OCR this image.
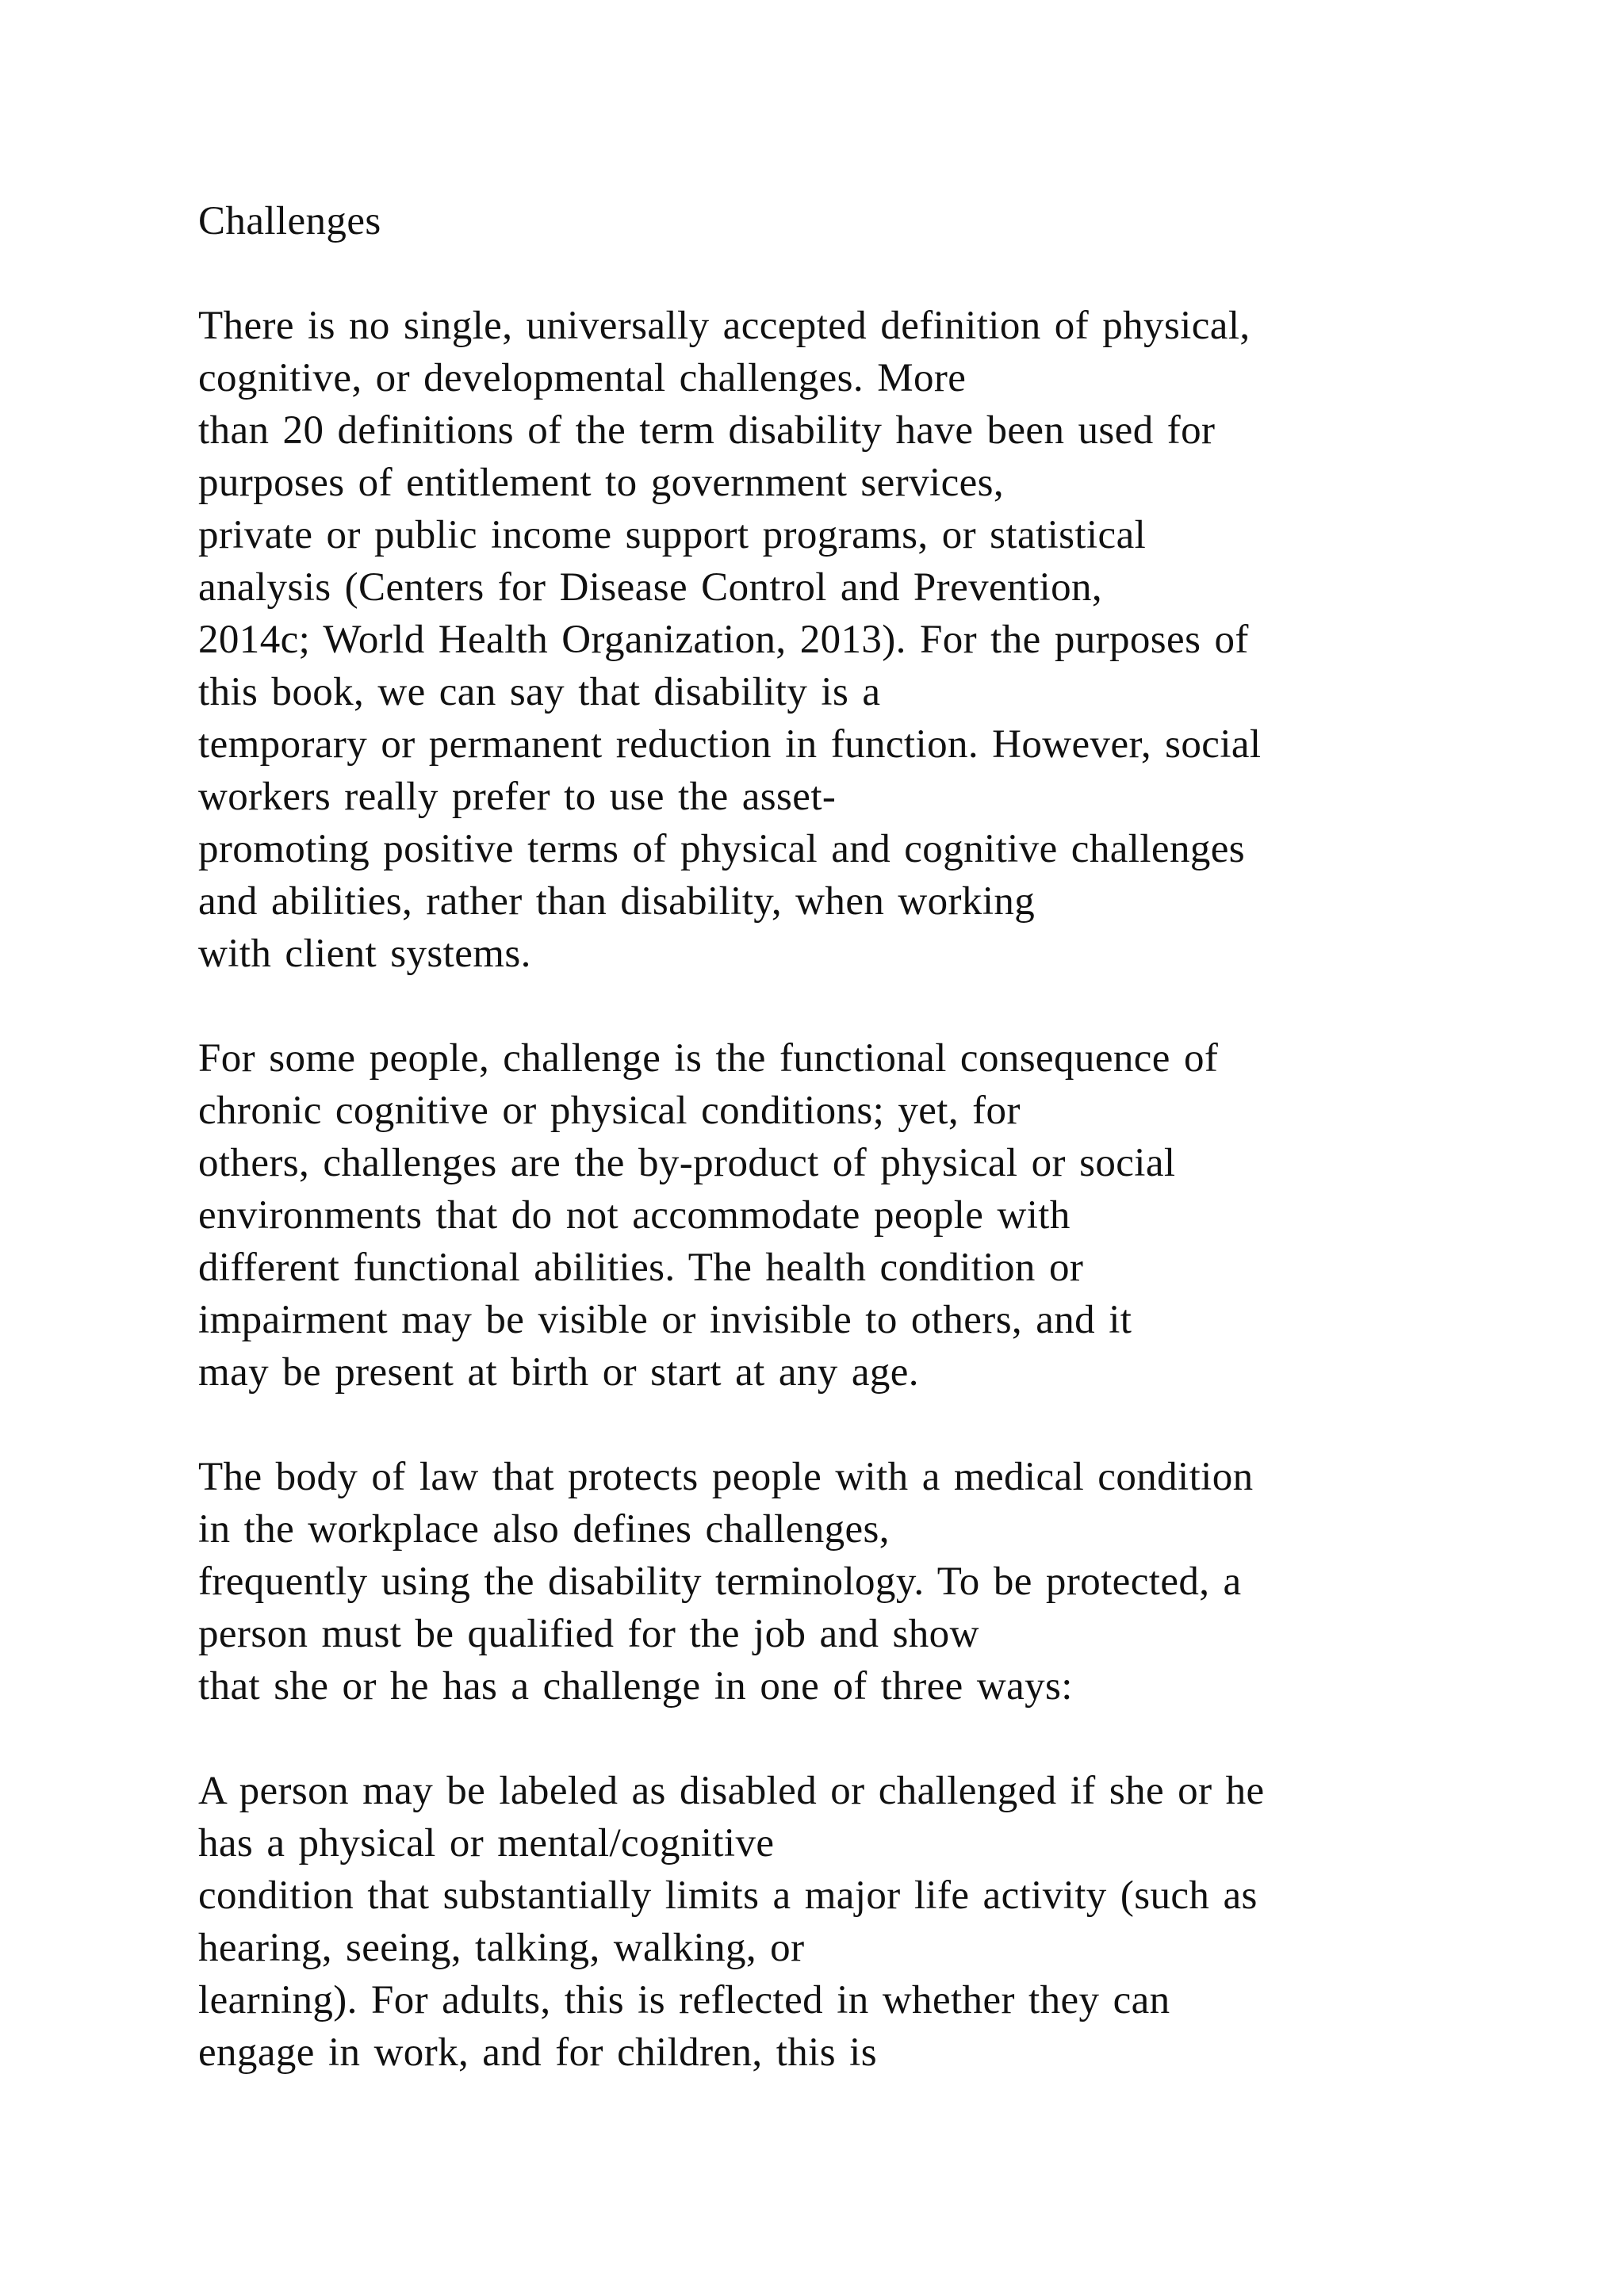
Challenges

There is no single, universally accepted definition of physical,
cognitive, or developmental challenges. More
than 20 definitions of the term disability have been used for
purposes of entitlement to government services,
private or public income support programs, or statistical
analysis (Centers for Disease Control and Prevention,
2014c; World Health Organization, 2013). For the purposes of
this book, we can say that disability is a
temporary or permanent reduction in function. However, social
workers really prefer to use the asset-
promoting positive terms of physical and cognitive challenges
and abilities, rather than disability, when working
with client systems.

For some people, challenge is the functional consequence of
chronic cognitive or physical conditions; yet, for
others, challenges are the by-product of physical or social
environments that do not accommodate people with
different functional abilities. The health condition or
impairment may be visible or invisible to others, and it
may be present at birth or start at any age.

The body of law that protects people with a medical condition
in the workplace also defines challenges,
frequently using the disability terminology. To be protected, a
person must be qualified for the job and show
that she or he has a challenge in one of three ways:

A person may be labeled as disabled or challenged if she or he
has a physical or mental/cognitive
condition that substantially limits a major life activity (such as
hearing, seeing, talking, walking, or
learning). For adults, this is reflected in whether they can
engage in work, and for children, this is
